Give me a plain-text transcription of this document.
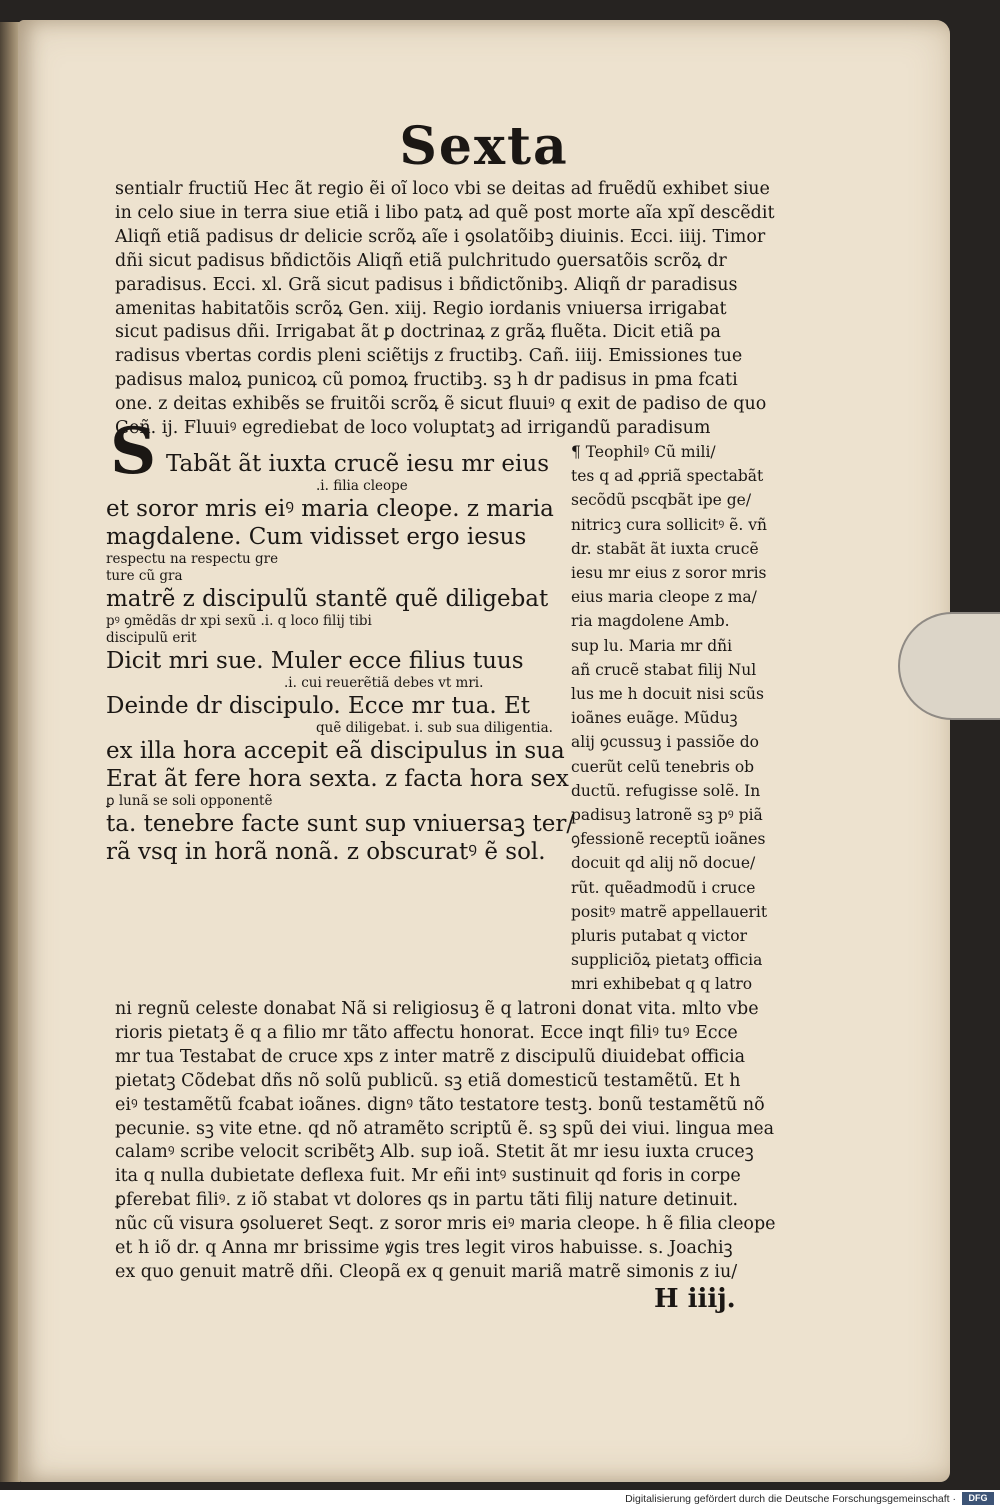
Sexta
sentialr fructiũ Hec ãt regio ẽi oĩ loco vbi se deitas ad fruẽdũ exhibet siue
in celo siue in terra siue etiã i libo patꝝ ad quẽ post morte aĩa xpĩ descẽdit
Aliqñ etiã padisus dr delicie scrõꝝ aĩe i ꝯsolatõibꝫ diuinis. Ecci. iiij. Timor
dñi sicut padisus bñdictõis Aliqñ etiã pulchritudo ꝯuersatõis scrõꝝ dr
paradisus. Ecci. xl. Grã sicut padisus i bñdictõnibꝫ. Aliqñ dr paradisus
amenitas habitatõis scrõꝝ Gen. xiij. Regio iordanis vniuersa irrigabat
sicut padisus dñi. Irrigabat ãt ꝑ doctrinaꝝ z grãꝝ fluẽta. Dicit etiã pa
radisus vbertas cordis pleni sciẽtijs z fructibꝫ. Cañ. iiij. Emissiones tue
padisus maloꝝ punicoꝝ cũ pomoꝝ fructibꝫ. sꝫ h dr padisus in pma fcati
one. z deitas exhibẽs se fruitõi scrõꝝ ẽ sicut fluuiꝰ q exit de padiso de quo
Geñ. ij. Fluuiꝰ egrediebat de loco voluptatꝫ ad irrigandũ paradisum
Tabãt ãt iuxta crucẽ iesu mr eius
.i. filia cleope
et soror mris eiꝰ maria cleope. z maria
magdalene. Cum vidisset ergo iesus
respectu na respectu gre
ture cũ gra
matrẽ z discipulũ stantẽ quẽ diligebat
pꝰ ꝯmẽdãs dr xpi sexũ .i. q loco filij tibi
discipulũ erit
Dicit mri sue. Muler ecce filius tuus
.i. cui reuerẽtiã debes vt mri.
Deinde dr discipulo. Ecce mr tua. Et
quẽ diligebat. i. sub sua diligentia.
ex illa hora accepit eã discipulus in sua
Erat ãt fere hora sexta. z facta hora sex
ꝑ lunã se soli opponentẽ
ta. tenebre facte sunt sup vniuersaꝫ ter/
rã vsq in horã nonã. z obscuratꝰ ẽ sol.
¶ Teophilꝰ Cũ mili/
tes q ad ꝓpriã spectabãt
secõdũ pscqbãt ipe ge/
nitricꝫ cura sollicitꝰ ẽ. vñ
dr. stabãt ãt iuxta crucẽ
iesu mr eius z soror mris
eius maria cleope z ma/
ria magdolene Amb.
sup lu. Maria mr dñi
añ crucẽ stabat filij Nul
lus me h docuit nisi scũs
ioãnes euãge. Mũduꝫ
alij ꝯcussuꝫ i passiõe do
cuerũt celũ tenebris ob
ductũ. refugisse solẽ. In
padisuꝫ latronẽ sꝫ pꝰ piã
ꝯfessionẽ receptũ ioãnes
docuit qd alij nõ docue/
rũt. quẽadmodũ i cruce
positꝰ matrẽ appellauerit
pluris putabat q victor
suppliciõꝝ pietatꝫ officia
mri exhibebat q q latro
ni regnũ celeste donabat Nã si religiosuꝫ ẽ q latroni donat vita. mlto vbe
rioris pietatꝫ ẽ q a filio mr tãto affectu honorat. Ecce inqt filiꝰ tuꝰ Ecce
mr tua Testabat de cruce xps z inter matrẽ z discipulũ diuidebat officia
pietatꝫ Cõdebat dñs nõ solũ publicũ. sꝫ etiã domesticũ testamẽtũ. Et h
eiꝰ testamẽtũ fcabat ioãnes. dignꝰ tãto testatore testꝫ. bonũ testamẽtũ nõ
pecunie. sꝫ vite etne. qd nõ atramẽto scriptũ ẽ. sꝫ spũ dei viui. lingua mea
calamꝰ scribe velocit scribẽtꝫ Alb. sup ioã. Stetit ãt mr iesu iuxta cruceꝫ
ita q nulla dubietate deflexa fuit. Mr eñi intꝰ sustinuit qd foris in corpe
ꝑferebat filiꝰ. z iõ stabat vt dolores qs in partu tãti filij nature detinuit.
nũc cũ visura ꝯsolueret Seqt. z soror mris eiꝰ maria cleope. h ẽ filia cleope
et h iõ dr. q Anna mr brissime ꝟgis tres legit viros habuisse. s. Joachiꝫ
ex quo genuit matrẽ dñi. Cleopã ex q genuit mariã matrẽ simonis z iu/
H iiij.
S
Digitalisierung gefördert durch die Deutsche Forschungsgemeinschaft ·	DFG
